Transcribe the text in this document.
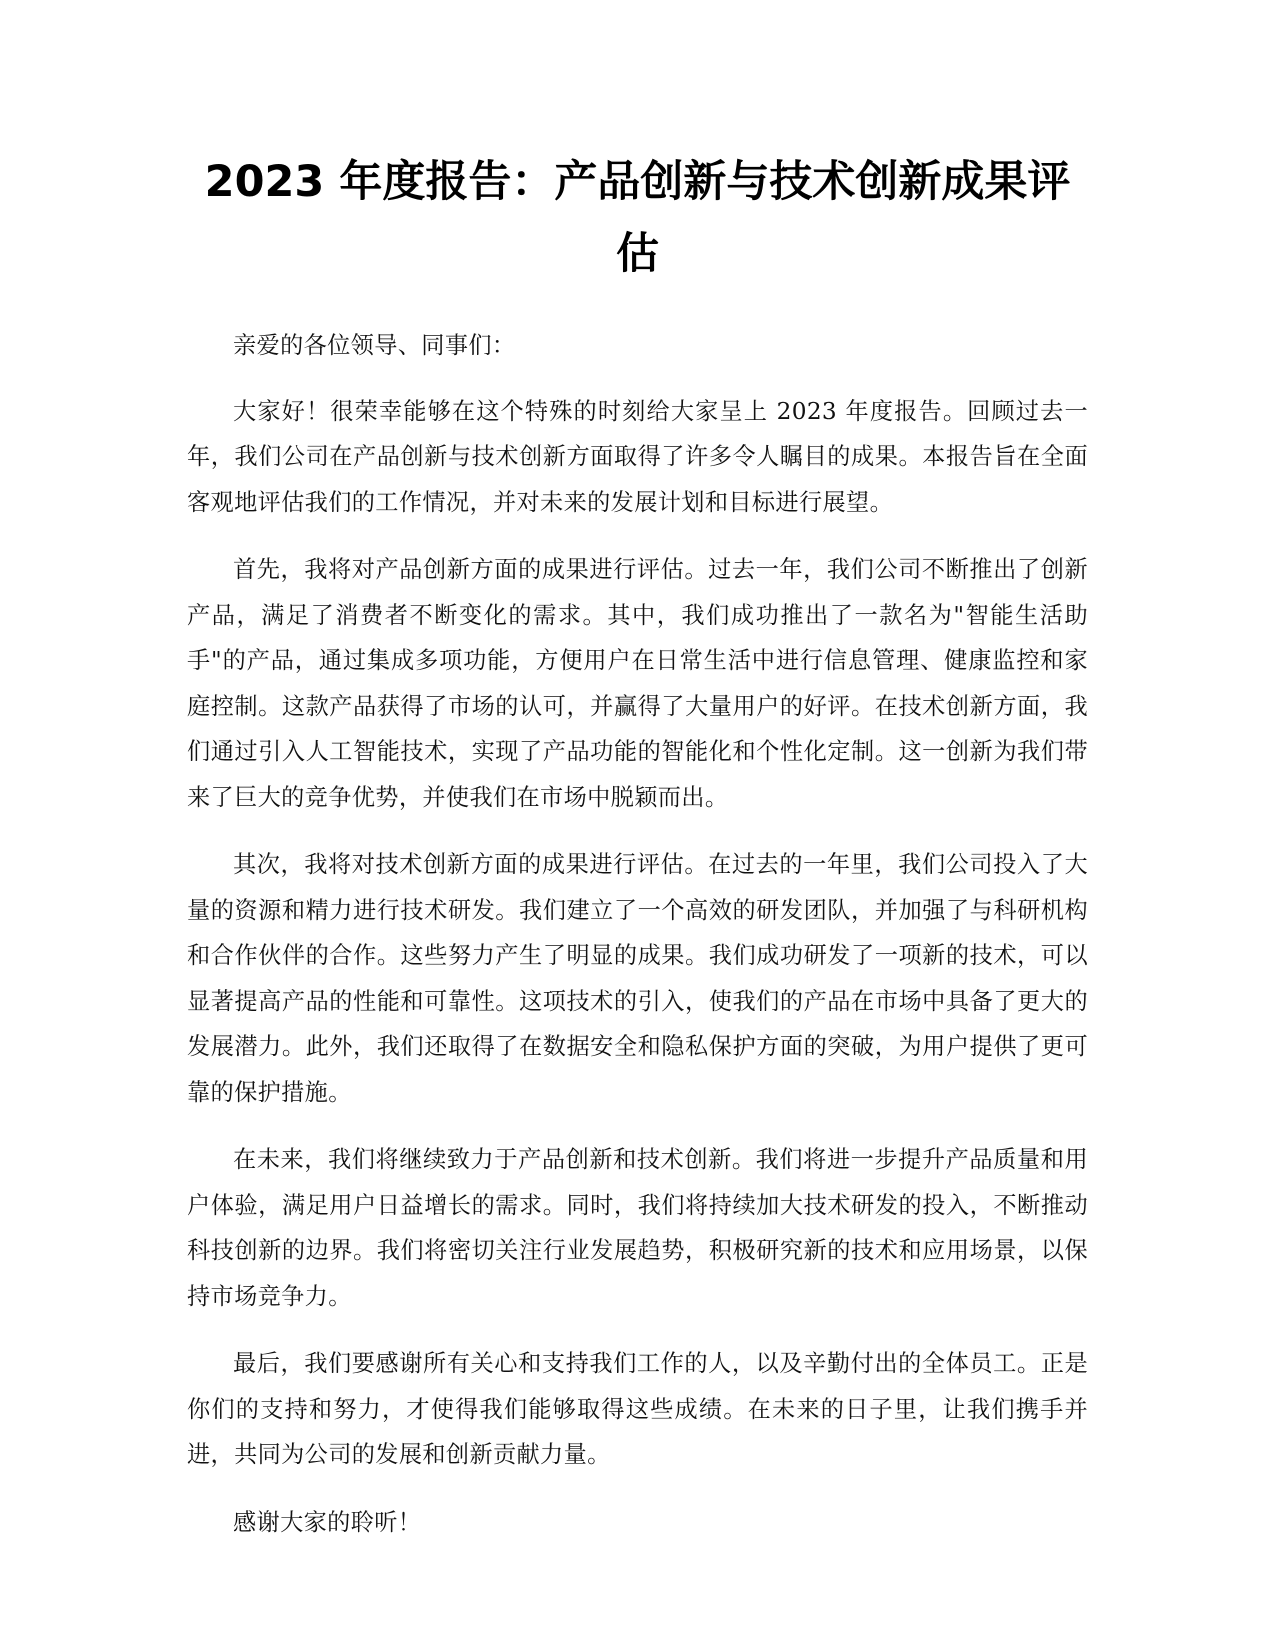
2023 年度报告：产品创新与技术创新成果评估

亲爱的各位领导、同事们：

大家好！很荣幸能够在这个特殊的时刻给大家呈上 2023 年度报告。回顾过去一年，我们公司在产品创新与技术创新方面取得了许多令人瞩目的成果。本报告旨在全面客观地评估我们的工作情况，并对未来的发展计划和目标进行展望。

首先，我将对产品创新方面的成果进行评估。过去一年，我们公司不断推出了创新产品，满足了消费者不断变化的需求。其中，我们成功推出了一款名为"智能生活助手"的产品，通过集成多项功能，方便用户在日常生活中进行信息管理、健康监控和家庭控制。这款产品获得了市场的认可，并赢得了大量用户的好评。在技术创新方面，我们通过引入人工智能技术，实现了产品功能的智能化和个性化定制。这一创新为我们带来了巨大的竞争优势，并使我们在市场中脱颖而出。

其次，我将对技术创新方面的成果进行评估。在过去的一年里，我们公司投入了大量的资源和精力进行技术研发。我们建立了一个高效的研发团队，并加强了与科研机构和合作伙伴的合作。这些努力产生了明显的成果。我们成功研发了一项新的技术，可以显著提高产品的性能和可靠性。这项技术的引入，使我们的产品在市场中具备了更大的发展潜力。此外，我们还取得了在数据安全和隐私保护方面的突破，为用户提供了更可靠的保护措施。

在未来，我们将继续致力于产品创新和技术创新。我们将进一步提升产品质量和用户体验，满足用户日益增长的需求。同时，我们将持续加大技术研发的投入，不断推动科技创新的边界。我们将密切关注行业发展趋势，积极研究新的技术和应用场景，以保持市场竞争力。

最后，我们要感谢所有关心和支持我们工作的人，以及辛勤付出的全体员工。正是你们的支持和努力，才使得我们能够取得这些成绩。在未来的日子里，让我们携手并进，共同为公司的发展和创新贡献力量。

感谢大家的聆听！
